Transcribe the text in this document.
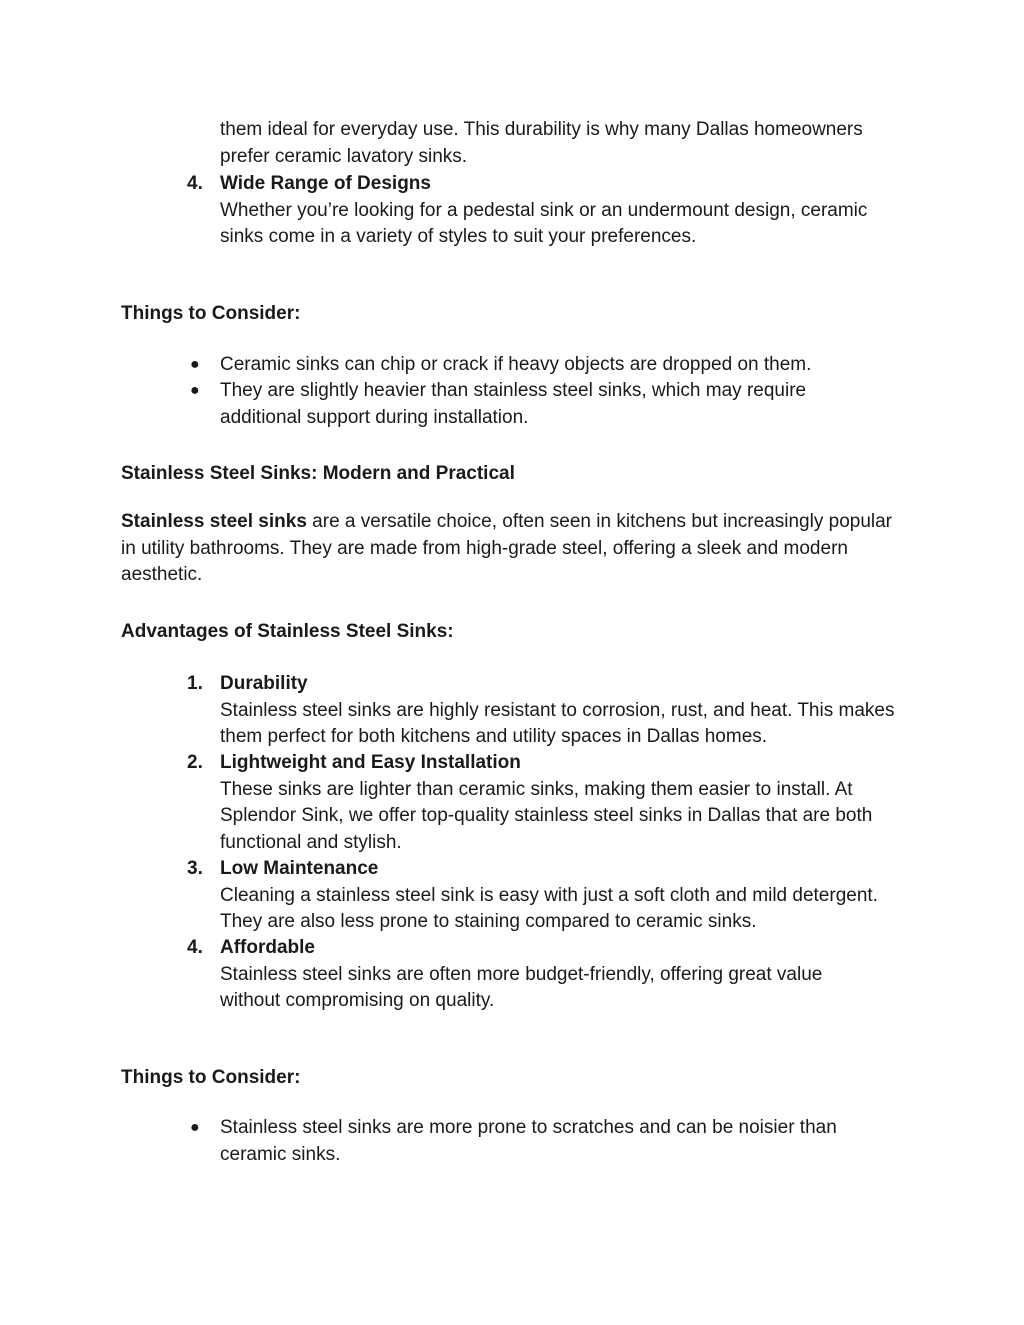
them ideal for everyday use. This durability is why many Dallas homeowners prefer ceramic lavatory sinks.

4. Wide Range of Designs
Whether you’re looking for a pedestal sink or an undermount design, ceramic sinks come in a variety of styles to suit your preferences.
Things to Consider:
● Ceramic sinks can chip or crack if heavy objects are dropped on them.

● They are slightly heavier than stainless steel sinks, which may require additional support during installation.

Stainless Steel Sinks: Modern and Practical

Stainless steel sinks are a versatile choice, often seen in kitchens but increasingly popular in utility bathrooms. They are made from high-grade steel, offering a sleek and modern aesthetic.

Advantages of Stainless Steel Sinks:
1. Durability
Stainless steel sinks are highly resistant to corrosion, rust, and heat. This makes them perfect for both kitchens and utility spaces in Dallas homes.
2. Lightweight and Easy Installation
These sinks are lighter than ceramic sinks, making them easier to install. At Splendor Sink, we offer top-quality stainless steel sinks in Dallas that are both functional and stylish.
3. Low Maintenance
Cleaning a stainless steel sink is easy with just a soft cloth and mild detergent. They are also less prone to staining compared to ceramic sinks.
4. Affordable
Stainless steel sinks are often more budget-friendly, offering great value without compromising on quality.
Things to Consider:
● Stainless steel sinks are more prone to scratches and can be noisier than ceramic sinks.
